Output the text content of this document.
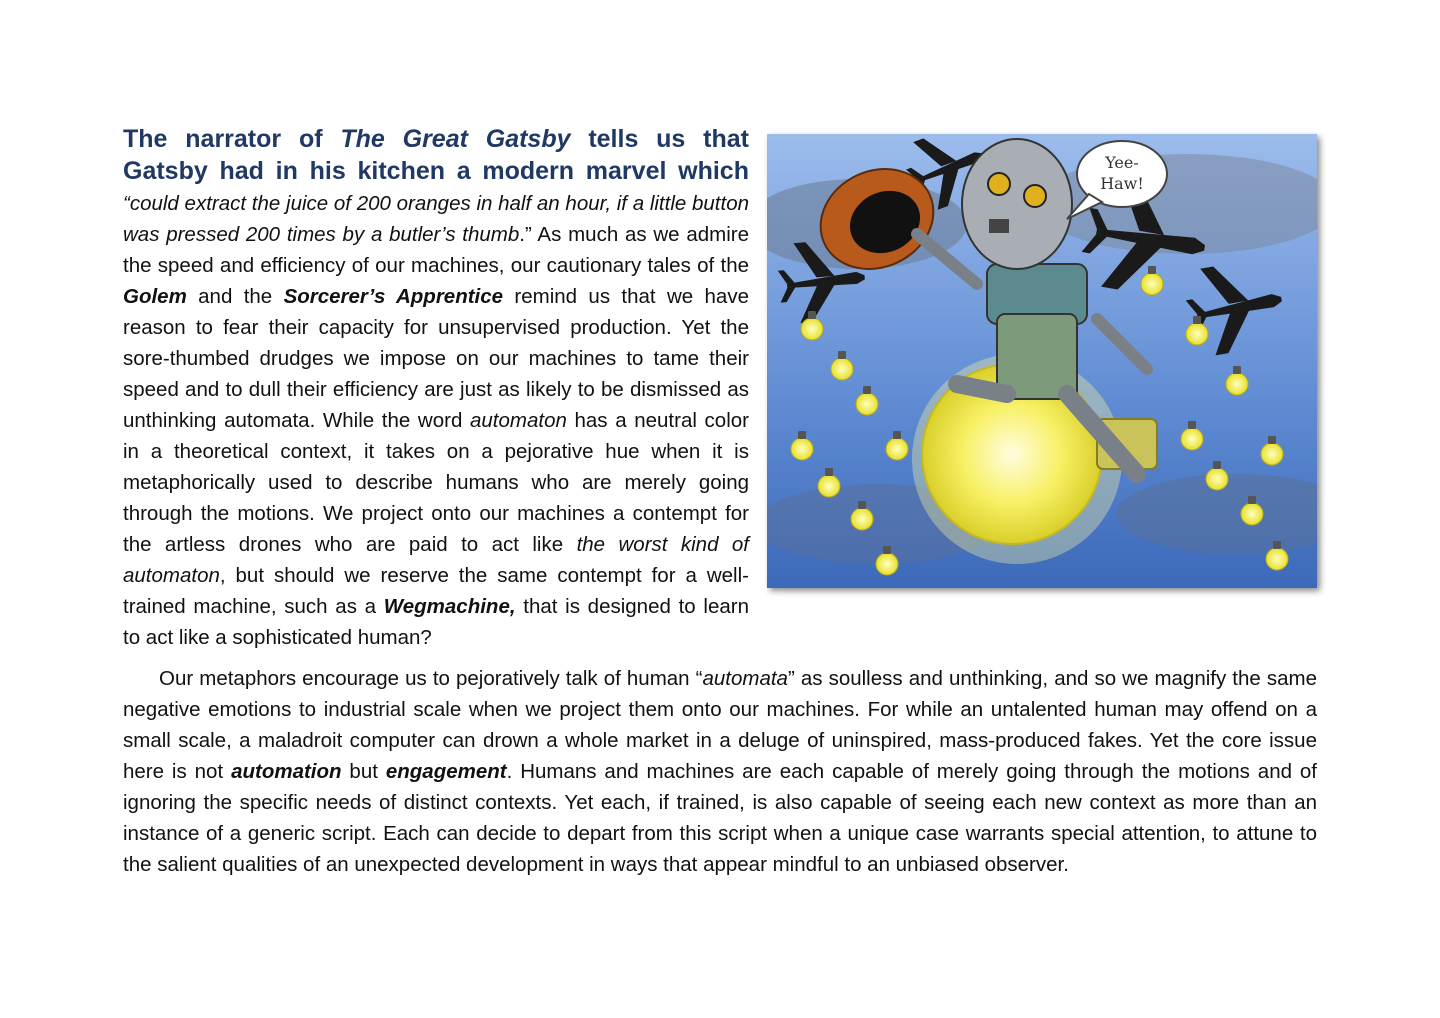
Yee-
Haw!

The narrator of The Great Gatsby tells us that Gatsby had in his kitchen a modern marvel which “could extract the juice of 200 oranges in half an hour, if a little button was pressed 200 times by a butler’s thumb.” As much as we admire the speed and efficiency of our machines, our cautionary tales of the Golem and the Sorcerer’s Apprentice remind us that we have reason to fear their capacity for unsupervised production. Yet the sore-thumbed drudges we impose on our machines to tame their speed and to dull their efficiency are just as likely to be dismissed as unthinking automata. While the word automaton has a neutral color in a theoretical context, it takes on a pejorative hue when it is metaphorically used to describe humans who are merely going through the motions. We project onto our machines a contempt for the artless drones who are paid to act like the worst kind of automaton, but should we reserve the same contempt for a well-trained machine, such as a Wegmachine, that is designed to learn to act like a sophisticated human?

Our metaphors encourage us to pejoratively talk of human “automata” as soulless and unthinking, and so we magnify the same negative emotions to industrial scale when we project them onto our machines. For while an untalented human may offend on a small scale, a maladroit computer can drown a whole market in a deluge of uninspired, mass-produced fakes. Yet the core issue here is not automation but engagement. Humans and machines are each capable of merely going through the motions and of ignoring the specific needs of distinct contexts. Yet each, if trained, is also capable of seeing each new context as more than an instance of a generic script. Each can decide to depart from this script when a unique case warrants special attention, to attune to the salient qualities of an unexpected development in ways that appear mindful to an unbiased observer.
